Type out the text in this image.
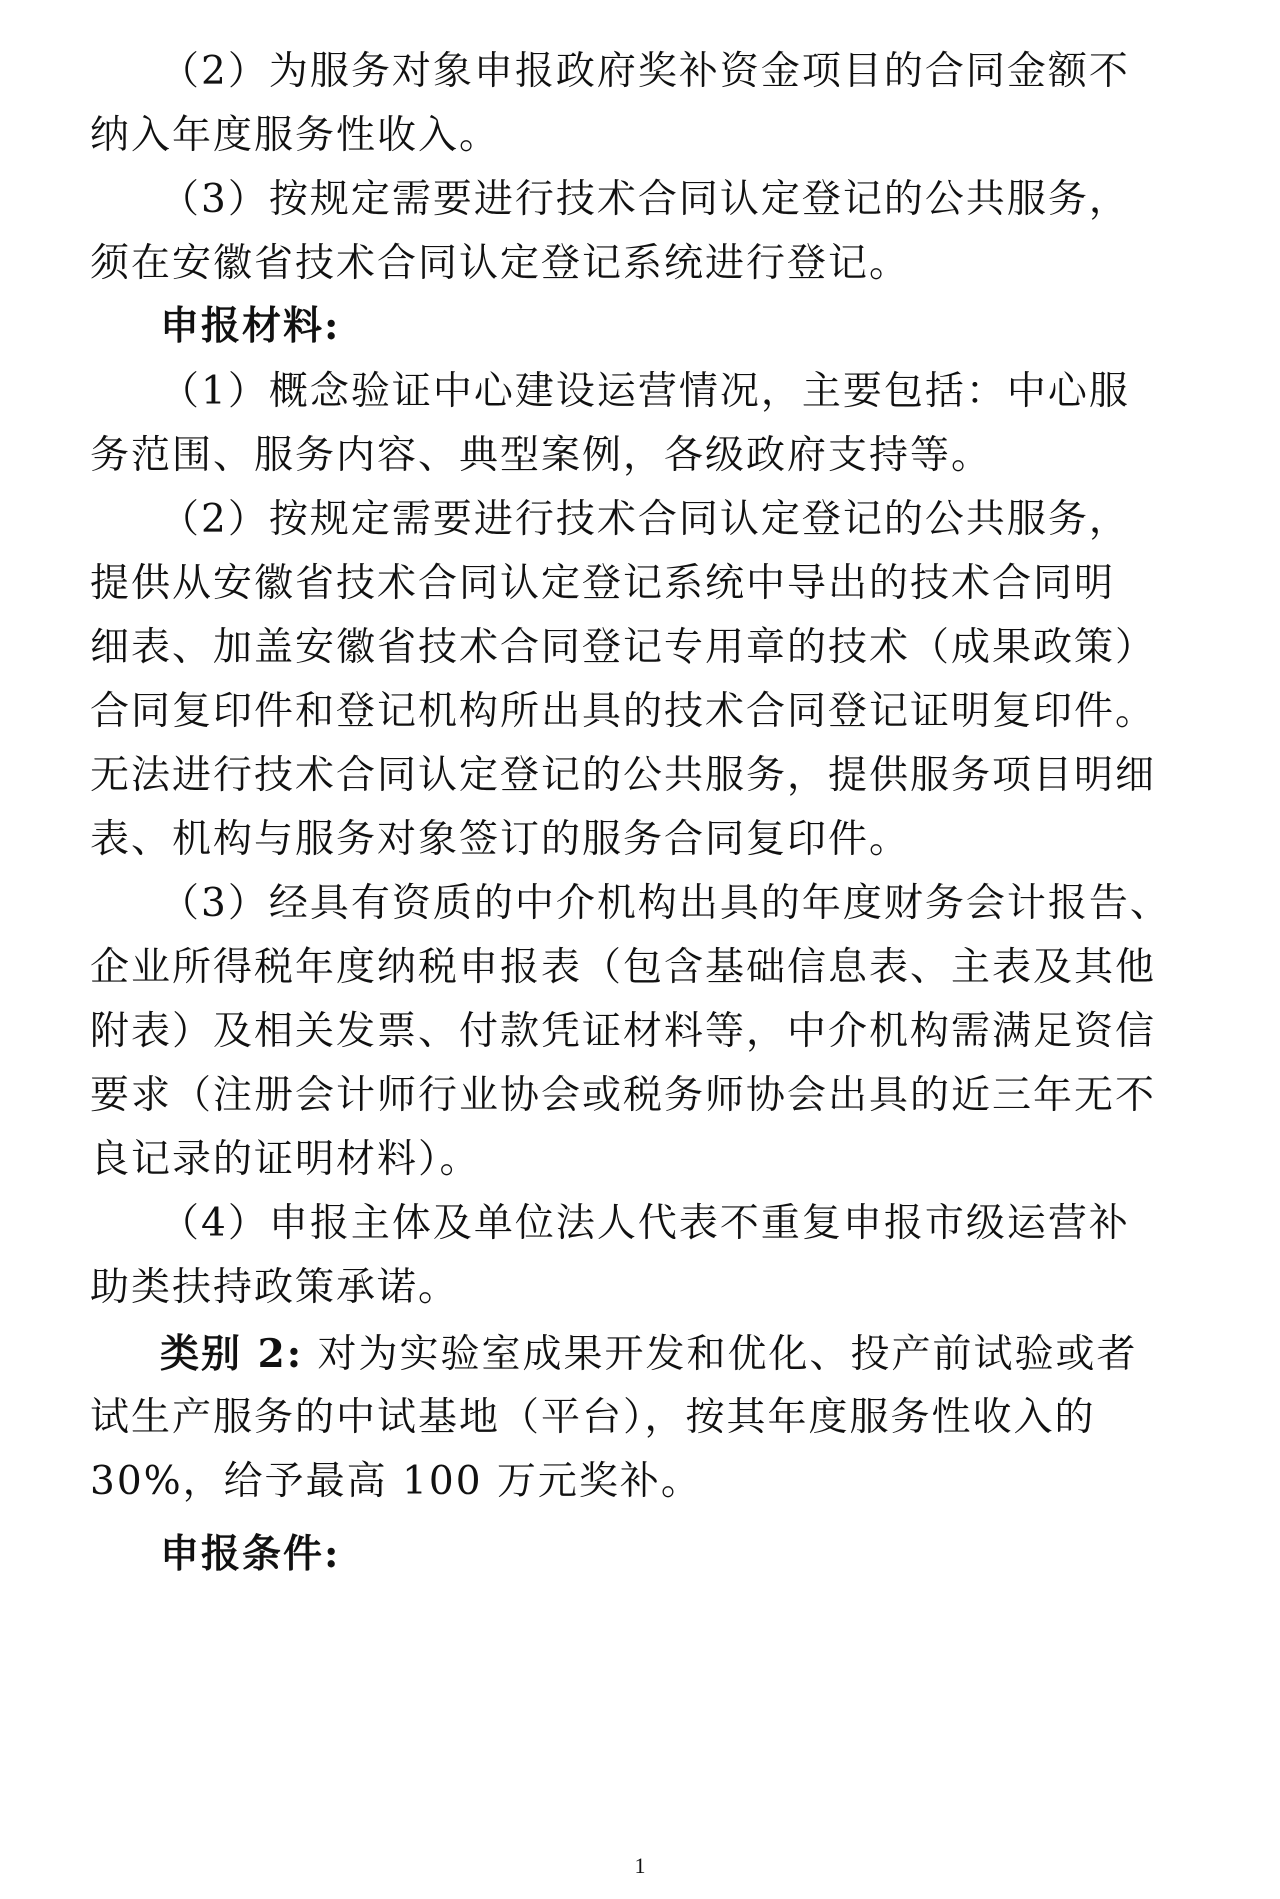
（2）为服务对象申报政府奖补资金项目的合同金额不
纳入年度服务性收入。
（3）按规定需要进行技术合同认定登记的公共服务，
须在安徽省技术合同认定登记系统进行登记。
申报材料:
（1）概念验证中心建设运营情况，主要包括：中心服
务范围、服务内容、典型案例，各级政府支持等。
（2）按规定需要进行技术合同认定登记的公共服务，
提供从安徽省技术合同认定登记系统中导出的技术合同明
细表、加盖安徽省技术合同登记专用章的技术（成果政策）
合同复印件和登记机构所出具的技术合同登记证明复印件。
无法进行技术合同认定登记的公共服务，提供服务项目明细
表、机构与服务对象签订的服务合同复印件。
（3）经具有资质的中介机构出具的年度财务会计报告、
企业所得税年度纳税申报表（包含基础信息表、主表及其他
附表）及相关发票、付款凭证材料等，中介机构需满足资信
要求（注册会计师行业协会或税务师协会出具的近三年无不
良记录的证明材料）。
（4）申报主体及单位法人代表不重复申报市级运营补
助类扶持政策承诺。
类别 2: 对为实验室成果开发和优化、投产前试验或者
试生产服务的中试基地（平台），按其年度服务性收入的
30%，给予最高 100 万元奖补。
申报条件:
1
